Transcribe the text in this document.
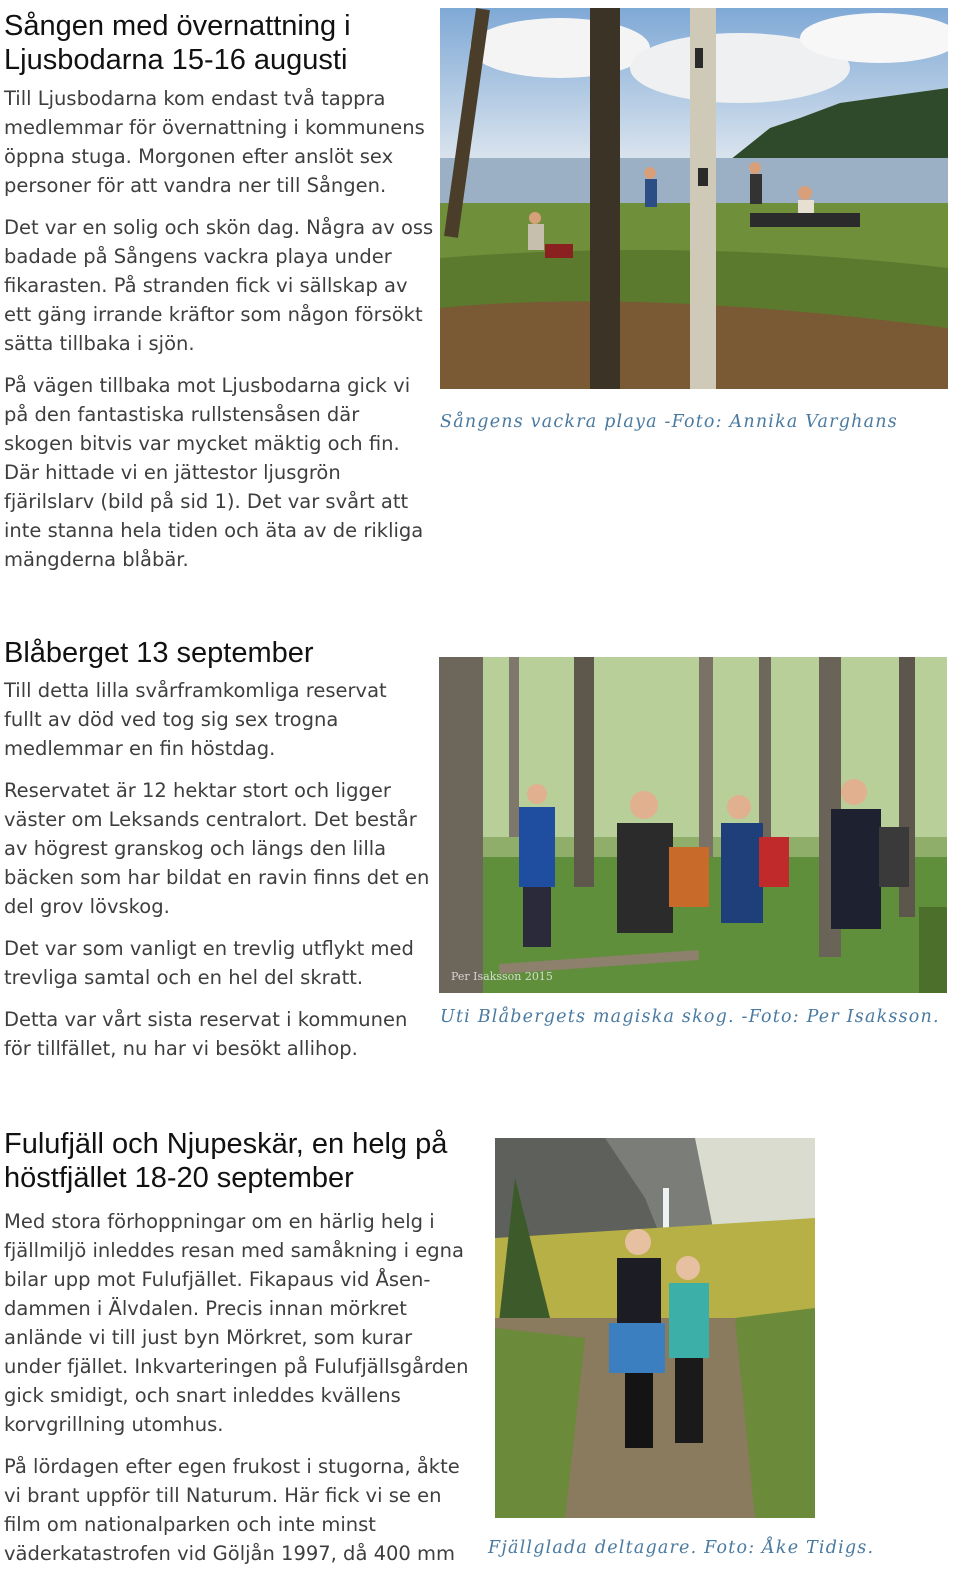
Sången med övernattning i
Ljusbodarna 15-16 augusti

Till Ljusbodarna kom endast två tappra
medlemmar för övernattning i kommunens
öppna stuga. Morgonen efter anslöt sex
personer för att vandra ner till Sången.

Det var en solig och skön dag. Några av oss
badade på Sångens vackra playa under
fikarasten. På stranden fick vi sällskap av
ett gäng irrande kräftor som någon försökt
sätta tillbaka i sjön.

På vägen tillbaka mot Ljusbodarna gick vi
på den fantastiska rullstensåsen där
skogen bitvis var mycket mäktig och fin.
Där hittade vi en jättestor ljusgrön
fjärilslarv (bild på sid 1). Det var svårt att
inte stanna hela tiden och äta av de rikliga
mängderna blåbär.

Sångens vackra playa -Foto: Annika Varghans

Blåberget 13 september

Till detta lilla svårframkomliga reservat
fullt av död ved tog sig sex trogna
medlemmar en fin höstdag.

Reservatet är 12 hektar stort och ligger
väster om Leksands centralort. Det består
av högrest granskog och längs den lilla
bäcken som har bildat en ravin finns det en
del grov lövskog.

Det var som vanligt en trevlig utflykt med
trevliga samtal och en hel del skratt.

Detta var vårt sista reservat i kommunen
för tillfället, nu har vi besökt allihop.

Per Isaksson 2015

Uti Blåbergets magiska skog. -Foto: Per Isaksson.

Fulufjäll och Njupeskär, en helg på
höstfjället 18-20 september

Med stora förhoppningar om en härlig helg i
fjällmiljö inleddes resan med samåkning i egna
bilar upp mot Fulufjället. Fikapaus vid Åsen-
dammen i Älvdalen. Precis innan mörkret
anlände vi till just byn Mörkret, som kurar
under fjället. Inkvarteringen på Fulufjällsgården
gick smidigt, och snart inleddes kvällens
korvgrillning utomhus.

På lördagen efter egen frukost i stugorna, åkte
vi brant uppför till Naturum. Här fick vi se en
film om nationalparken och inte minst
väderkatastrofen vid Göljån 1997, då 400 mm	Fjällglada deltagare. Foto: Åke Tidigs.
